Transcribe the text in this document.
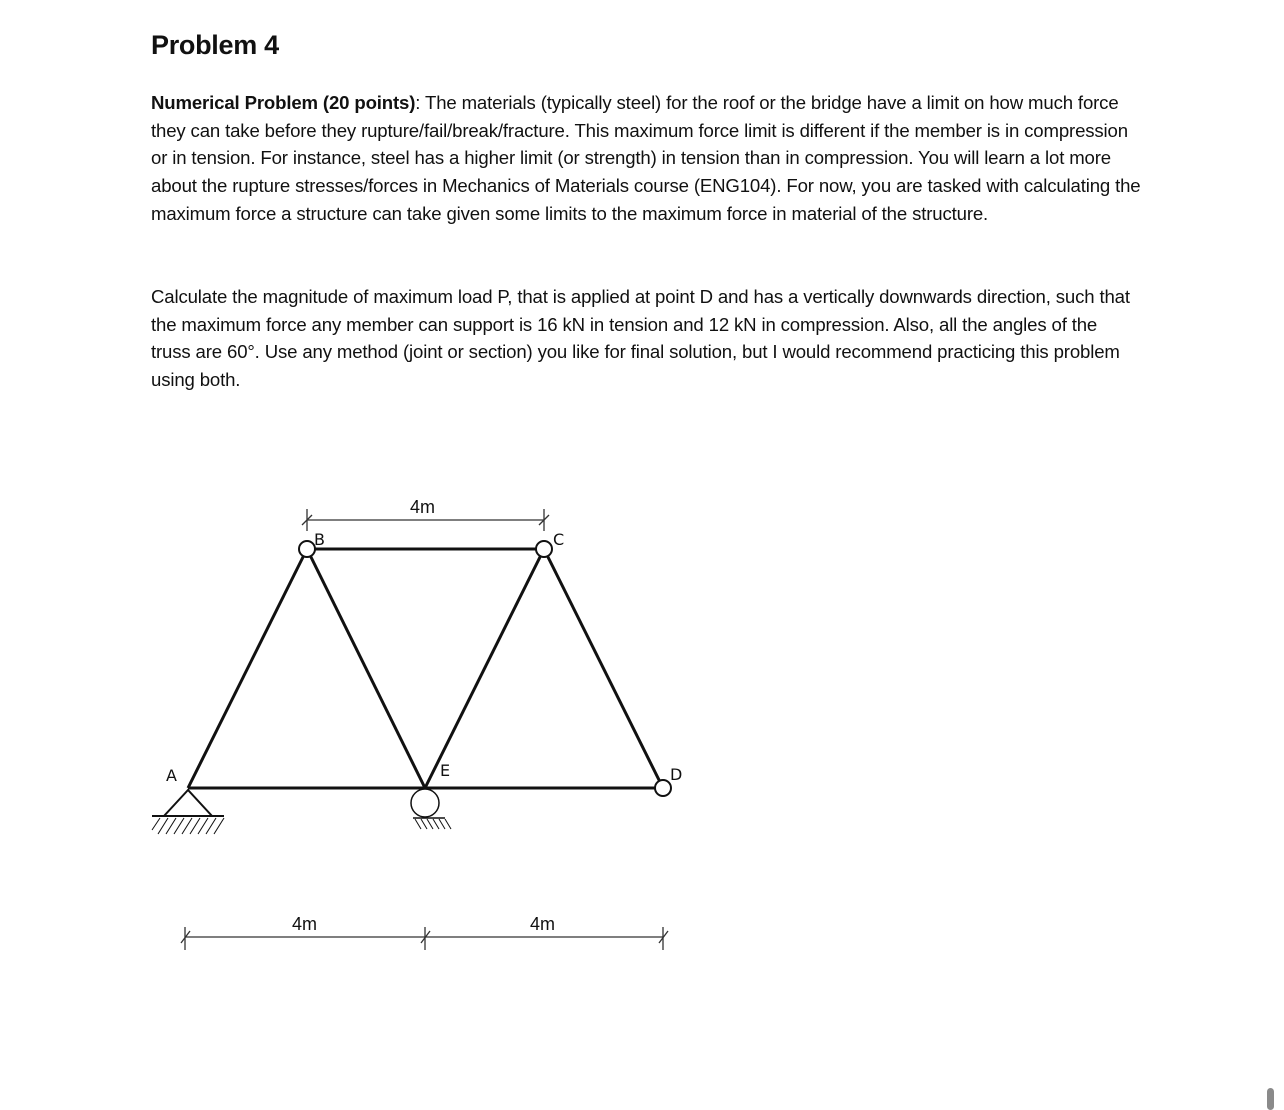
Problem 4
Numerical Problem (20 points): The materials (typically steel) for the roof or the bridge have a limit on how much force they can take before they rupture/fail/break/fracture. This maximum force limit is different if the member is in compression or in tension. For instance, steel has a higher limit (or strength) in tension than in compression. You will learn a lot more about the rupture stresses/forces in Mechanics of Materials course (ENG104). For now, you are tasked with calculating the maximum force a structure can take given some limits to the maximum force in material of the structure.
Calculate the magnitude of maximum load P, that is applied at point D and has a vertically downwards direction, such that the maximum force any member can support is 16 kN in tension and 12 kN in compression. Also, all the angles of the truss are 60°. Use any method (joint or section) you like for final solution, but I would recommend practicing this problem using both.
A
B	C
D
E
4m
4m	4m
